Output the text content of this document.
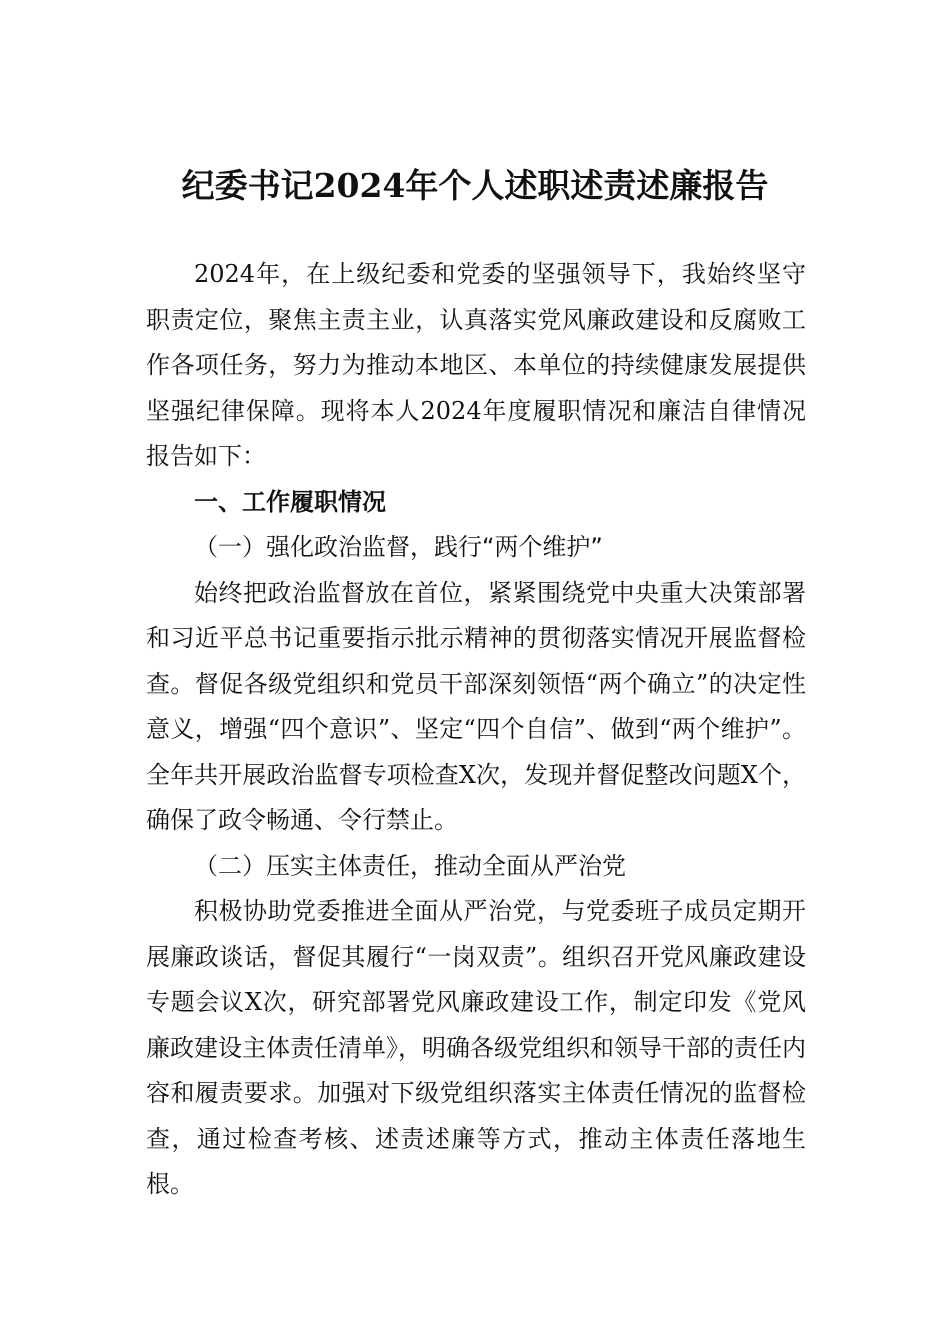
纪委书记2024年个人述职述责述廉报告

2024年，在上级纪委和党委的坚强领导下，我始终坚守职责定位，聚焦主责主业，认真落实党风廉政建设和反腐败工作各项任务，努力为推动本地区、本单位的持续健康发展提供坚强纪律保障。现将本人2024年度履职情况和廉洁自律情况报告如下：

一、工作履职情况

（一）强化政治监督，践行“两个维护”

始终把政治监督放在首位，紧紧围绕党中央重大决策部署和习近平总书记重要指示批示精神的贯彻落实情况开展监督检查。督促各级党组织和党员干部深刻领悟“两个确立”的决定性意义，增强“四个意识”、坚定“四个自信”、做到“两个维护”。全年共开展政治监督专项检查X次，发现并督促整改问题X个，确保了政令畅通、令行禁止。

（二）压实主体责任，推动全面从严治党

积极协助党委推进全面从严治党，与党委班子成员定期开展廉政谈话，督促其履行“一岗双责”。组织召开党风廉政建设专题会议X次，研究部署党风廉政建设工作，制定印发《党风廉政建设主体责任清单》，明确各级党组织和领导干部的责任内容和履责要求。加强对下级党组织落实主体责任情况的监督检查，通过检查考核、述责述廉等方式，推动主体责任落地生根。
